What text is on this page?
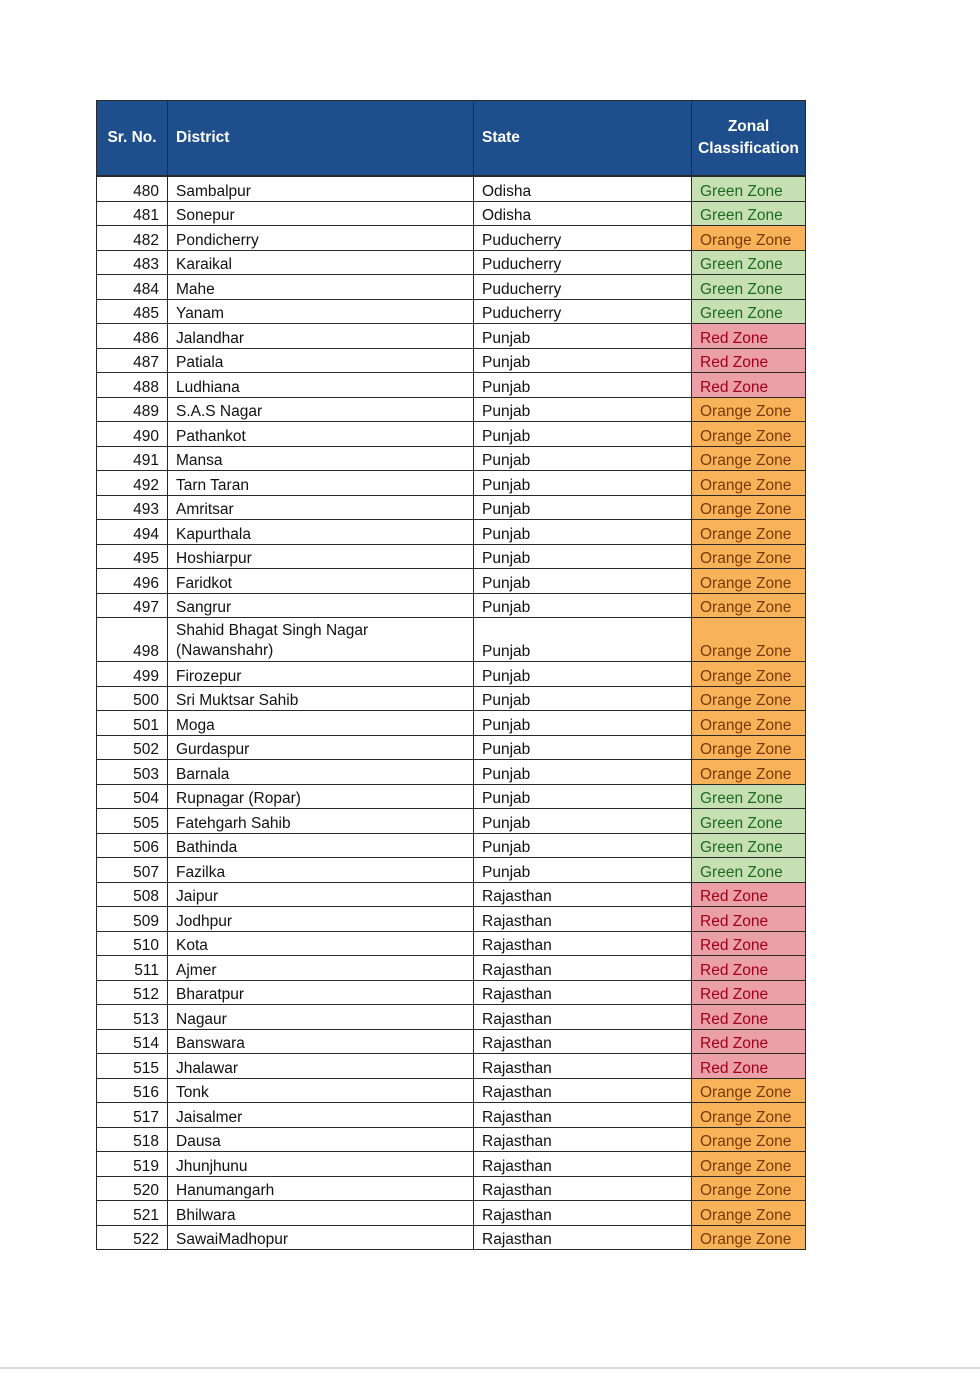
Sr. No.	District	State	Zonal Classification
480	Sambalpur	Odisha	Green Zone
481	Sonepur	Odisha	Green Zone
482	Pondicherry	Puducherry	Orange Zone
483	Karaikal	Puducherry	Green Zone
484	Mahe	Puducherry	Green Zone
485	Yanam	Puducherry	Green Zone
486	Jalandhar	Punjab	Red Zone
487	Patiala	Punjab	Red Zone
488	Ludhiana	Punjab	Red Zone
489	S.A.S Nagar	Punjab	Orange Zone
490	Pathankot	Punjab	Orange Zone
491	Mansa	Punjab	Orange Zone
492	Tarn Taran	Punjab	Orange Zone
493	Amritsar	Punjab	Orange Zone
494	Kapurthala	Punjab	Orange Zone
495	Hoshiarpur	Punjab	Orange Zone
496	Faridkot	Punjab	Orange Zone
497	Sangrur	Punjab	Orange Zone
498	Shahid Bhagat Singh Nagar (Nawanshahr)	Punjab	Orange Zone
499	Firozepur	Punjab	Orange Zone
500	Sri Muktsar Sahib	Punjab	Orange Zone
501	Moga	Punjab	Orange Zone
502	Gurdaspur	Punjab	Orange Zone
503	Barnala	Punjab	Orange Zone
504	Rupnagar (Ropar)	Punjab	Green Zone
505	Fatehgarh Sahib	Punjab	Green Zone
506	Bathinda	Punjab	Green Zone
507	Fazilka	Punjab	Green Zone
508	Jaipur	Rajasthan	Red Zone
509	Jodhpur	Rajasthan	Red Zone
510	Kota	Rajasthan	Red Zone
511	Ajmer	Rajasthan	Red Zone
512	Bharatpur	Rajasthan	Red Zone
513	Nagaur	Rajasthan	Red Zone
514	Banswara	Rajasthan	Red Zone
515	Jhalawar	Rajasthan	Red Zone
516	Tonk	Rajasthan	Orange Zone
517	Jaisalmer	Rajasthan	Orange Zone
518	Dausa	Rajasthan	Orange Zone
519	Jhunjhunu	Rajasthan	Orange Zone
520	Hanumangarh	Rajasthan	Orange Zone
521	Bhilwara	Rajasthan	Orange Zone
522	SawaiMadhopur	Rajasthan	Orange Zone
